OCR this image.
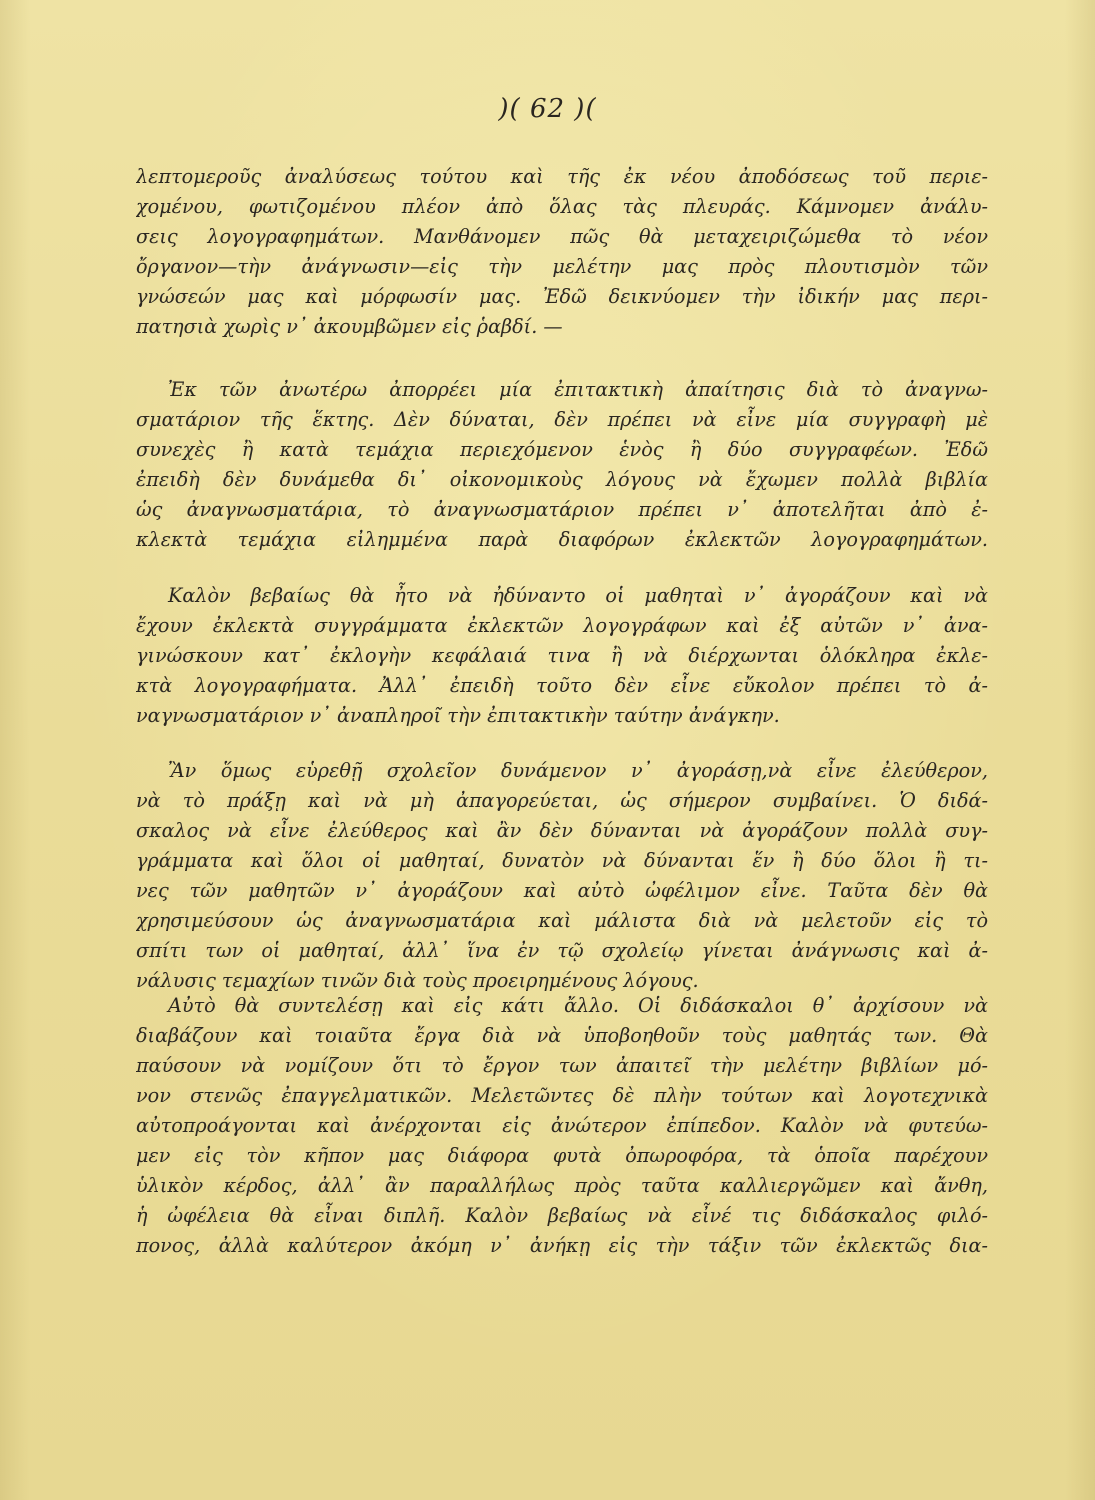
)( 62 )(
λεπτομεροῦς ἀναλύσεως τούτου καὶ τῆς ἐκ νέου ἀποδόσεως τοῦ περιε-
χομένου, φωτιζομένου πλέον ἀπὸ ὅλας τὰς πλευράς. Κάμνομεν ἀνάλυ-
σεις λογογραφημάτων. Μανθάνομεν πῶς θὰ μεταχειριζώμεθα τὸ νέον
ὄργανον—τὴν ἀνάγνωσιν—εἰς τὴν μελέτην μας πρὸς πλουτισμὸν τῶν
γνώσεών μας καὶ μόρφωσίν μας. Ἐδῶ δεικνύομεν τὴν ἰδικήν μας περι-
πατησιὰ χωρὶς ν᾽ ἀκουμβῶμεν εἰς ῥαβδί. —
Ἐκ τῶν ἀνωτέρω ἀπορρέει μία ἐπιτακτικὴ ἀπαίτησις διὰ τὸ ἀναγνω-
σματάριον τῆς ἕκτης. Δὲν δύναται, δὲν πρέπει νὰ εἶνε μία συγγραφὴ μὲ
συνεχὲς ἢ κατὰ τεμάχια περιεχόμενον ἑνὸς ἢ δύο συγγραφέων. Ἐδῶ
ἐπειδὴ δὲν δυνάμεθα δι᾽ οἰκονομικοὺς λόγους νὰ ἔχωμεν πολλὰ βιβλία
ὡς ἀναγνωσματάρια, τὸ ἀναγνωσματάριον πρέπει ν᾽ ἀποτελῆται ἀπὸ ἐ-
κλεκτὰ τεμάχια εἰλημμένα παρὰ διαφόρων ἐκλεκτῶν λογογραφημάτων.
Καλὸν βεβαίως θὰ ἦτο νὰ ἠδύναντο οἱ μαθηταὶ ν᾽ ἀγοράζουν καὶ νὰ
ἔχουν ἐκλεκτὰ συγγράμματα ἐκλεκτῶν λογογράφων καὶ ἐξ αὐτῶν ν᾽ ἀνα-
γινώσκουν κατ᾽ ἐκλογὴν κεφάλαιά τινα ἢ νὰ διέρχωνται ὁλόκληρα ἐκλε-
κτὰ λογογραφήματα. Ἀλλ᾽ ἐπειδὴ τοῦτο δὲν εἶνε εὔκολον πρέπει τὸ ἀ-
ναγνωσματάριον ν᾽ ἀναπληροῖ τὴν ἐπιτακτικὴν ταύτην ἀνάγκην.
Ἂν ὅμως εὑρεθῇ σχολεῖον δυνάμενον ν᾽ ἀγοράσῃ,νὰ εἶνε ἐλεύθερον,
νὰ τὸ πράξῃ καὶ νὰ μὴ ἀπαγορεύεται, ὡς σήμερον συμβαίνει. Ὁ διδά-
σκαλος νὰ εἶνε ἐλεύθερος καὶ ἂν δὲν δύνανται νὰ ἀγοράζουν πολλὰ συγ-
γράμματα καὶ ὅλοι οἱ μαθηταί, δυνατὸν νὰ δύνανται ἕν ἢ δύο ὅλοι ἢ τι-
νες τῶν μαθητῶν ν᾽ ἀγοράζουν καὶ αὐτὸ ὠφέλιμον εἶνε. Ταῦτα δὲν θὰ
χρησιμεύσουν ὡς ἀναγνωσματάρια καὶ μάλιστα διὰ νὰ μελετοῦν εἰς τὸ
σπίτι των οἱ μαθηταί, ἀλλ᾽ ἵνα ἐν τῷ σχολείῳ γίνεται ἀνάγνωσις καὶ ἀ-
νάλυσις τεμαχίων τινῶν διὰ τοὺς προειρημένους λόγους.
Αὐτὸ θὰ συντελέσῃ καὶ εἰς κάτι ἄλλο. Οἱ διδάσκαλοι θ᾽ ἀρχίσουν νὰ
διαβάζουν καὶ τοιαῦτα ἔργα διὰ νὰ ὑποβοηθοῦν τοὺς μαθητάς των. Θὰ
παύσουν νὰ νομίζουν ὅτι τὸ ἔργον των ἀπαιτεῖ τὴν μελέτην βιβλίων μό-
νον στενῶς ἐπαγγελματικῶν. Μελετῶντες δὲ πλὴν τούτων καὶ λογοτεχνικὰ
αὐτοπροάγονται καὶ ἀνέρχονται εἰς ἀνώτερον ἐπίπεδον. Καλὸν νὰ φυτεύω-
μεν εἰς τὸν κῆπον μας διάφορα φυτὰ ὀπωροφόρα, τὰ ὁποῖα παρέχουν
ὑλικὸν κέρδος, ἀλλ᾽ ἂν παραλλήλως πρὸς ταῦτα καλλιεργῶμεν καὶ ἄνθη,
ἡ ὠφέλεια θὰ εἶναι διπλῆ. Καλὸν βεβαίως νὰ εἶνέ τις διδάσκαλος φιλό-
πονος, ἀλλὰ καλύτερον ἀκόμη ν᾽ ἀνήκῃ εἰς τὴν τάξιν τῶν ἐκλεκτῶς δια-
